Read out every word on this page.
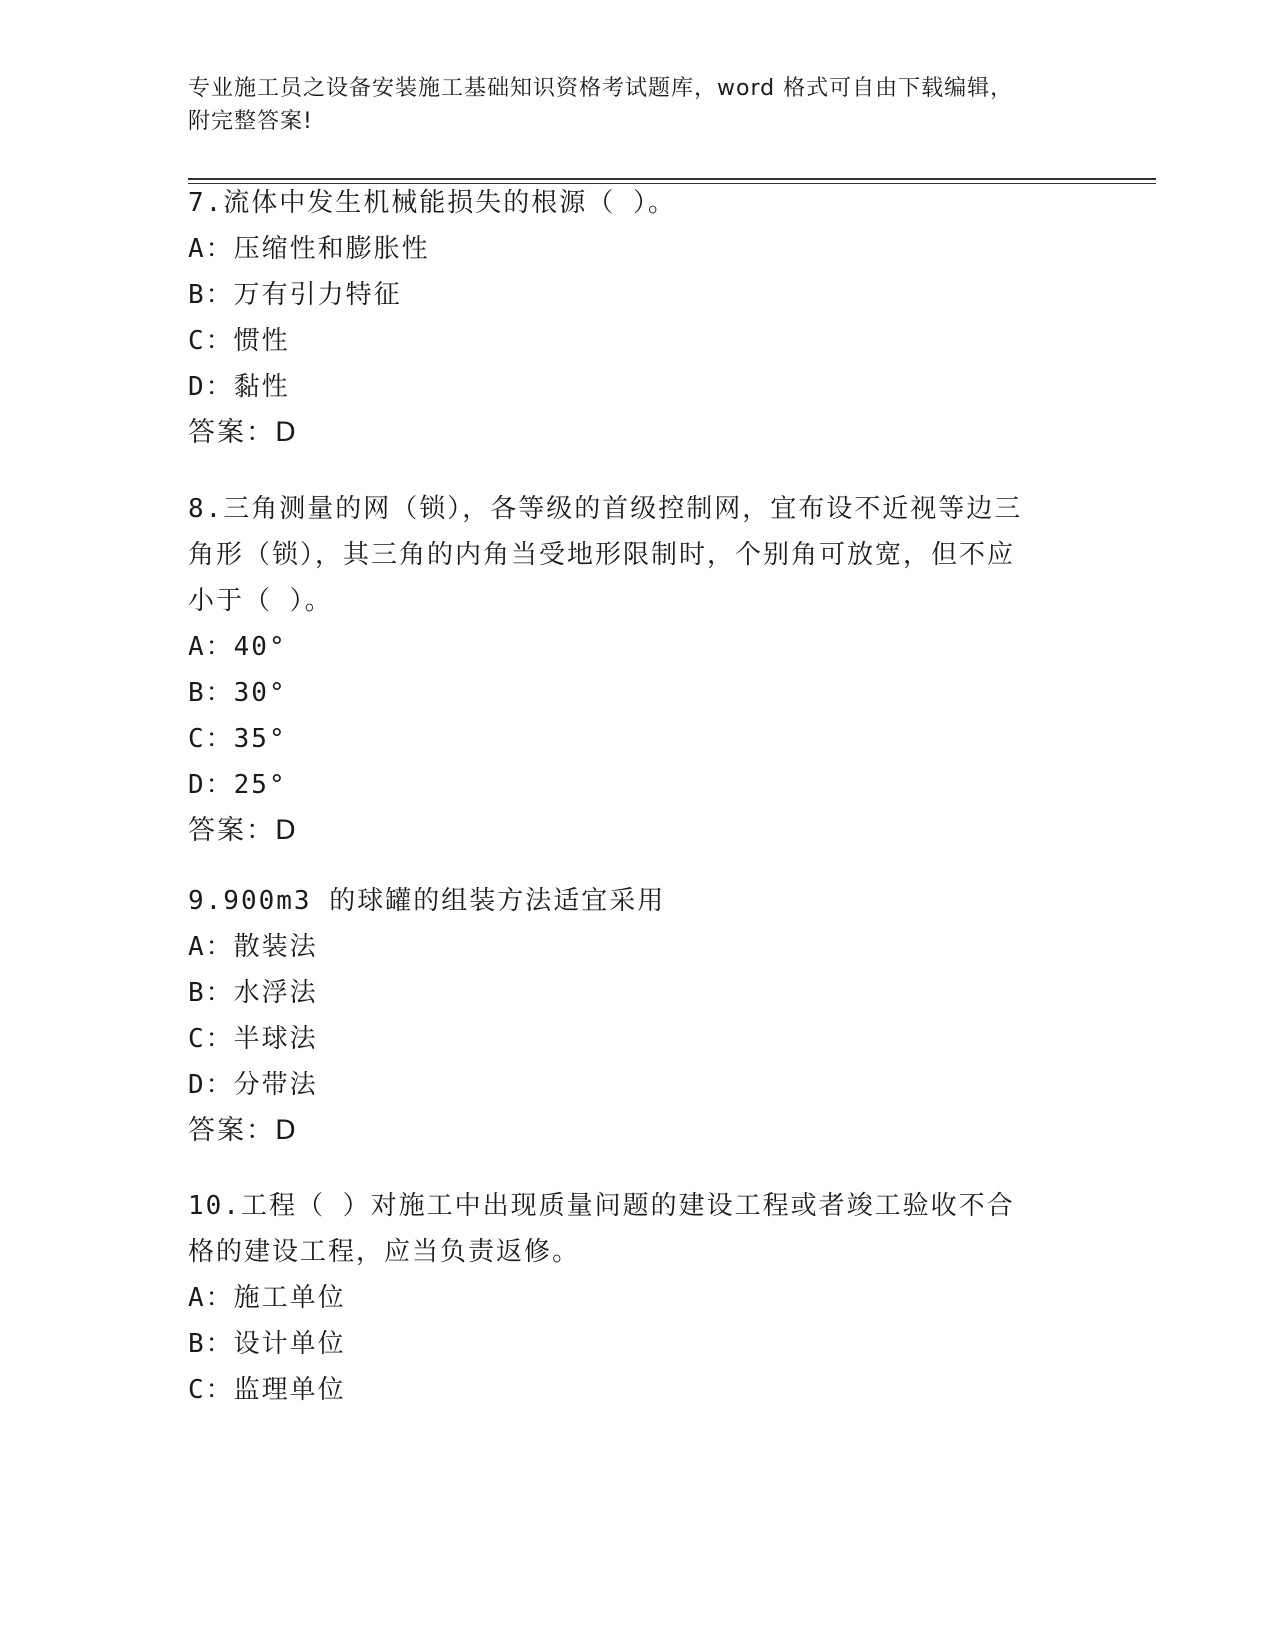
专业施工员之设备安装施工基础知识资格考试题库，word 格式可自由下载编辑，
附完整答案!

7.流体中发生机械能损失的根源（ ）。

A：压缩性和膨胀性

B：万有引力特征

C：惯性

D：黏性

答案：D

8.三角测量的网（锁），各等级的首级控制网，宜布设不近视等边三角形（锁），其三角的内角当受地形限制时，个别角可放宽，但不应小于（ ）。

A：40°

B：30°

C：35°

D：25°

答案：D

9.900m3 的球罐的组装方法适宜采用

A：散装法

B：水浮法

C：半球法

D：分带法

答案：D

10.工程（ ）对施工中出现质量问题的建设工程或者竣工验收不合格的建设工程，应当负责返修。

A：施工单位

B：设计单位

C：监理单位
